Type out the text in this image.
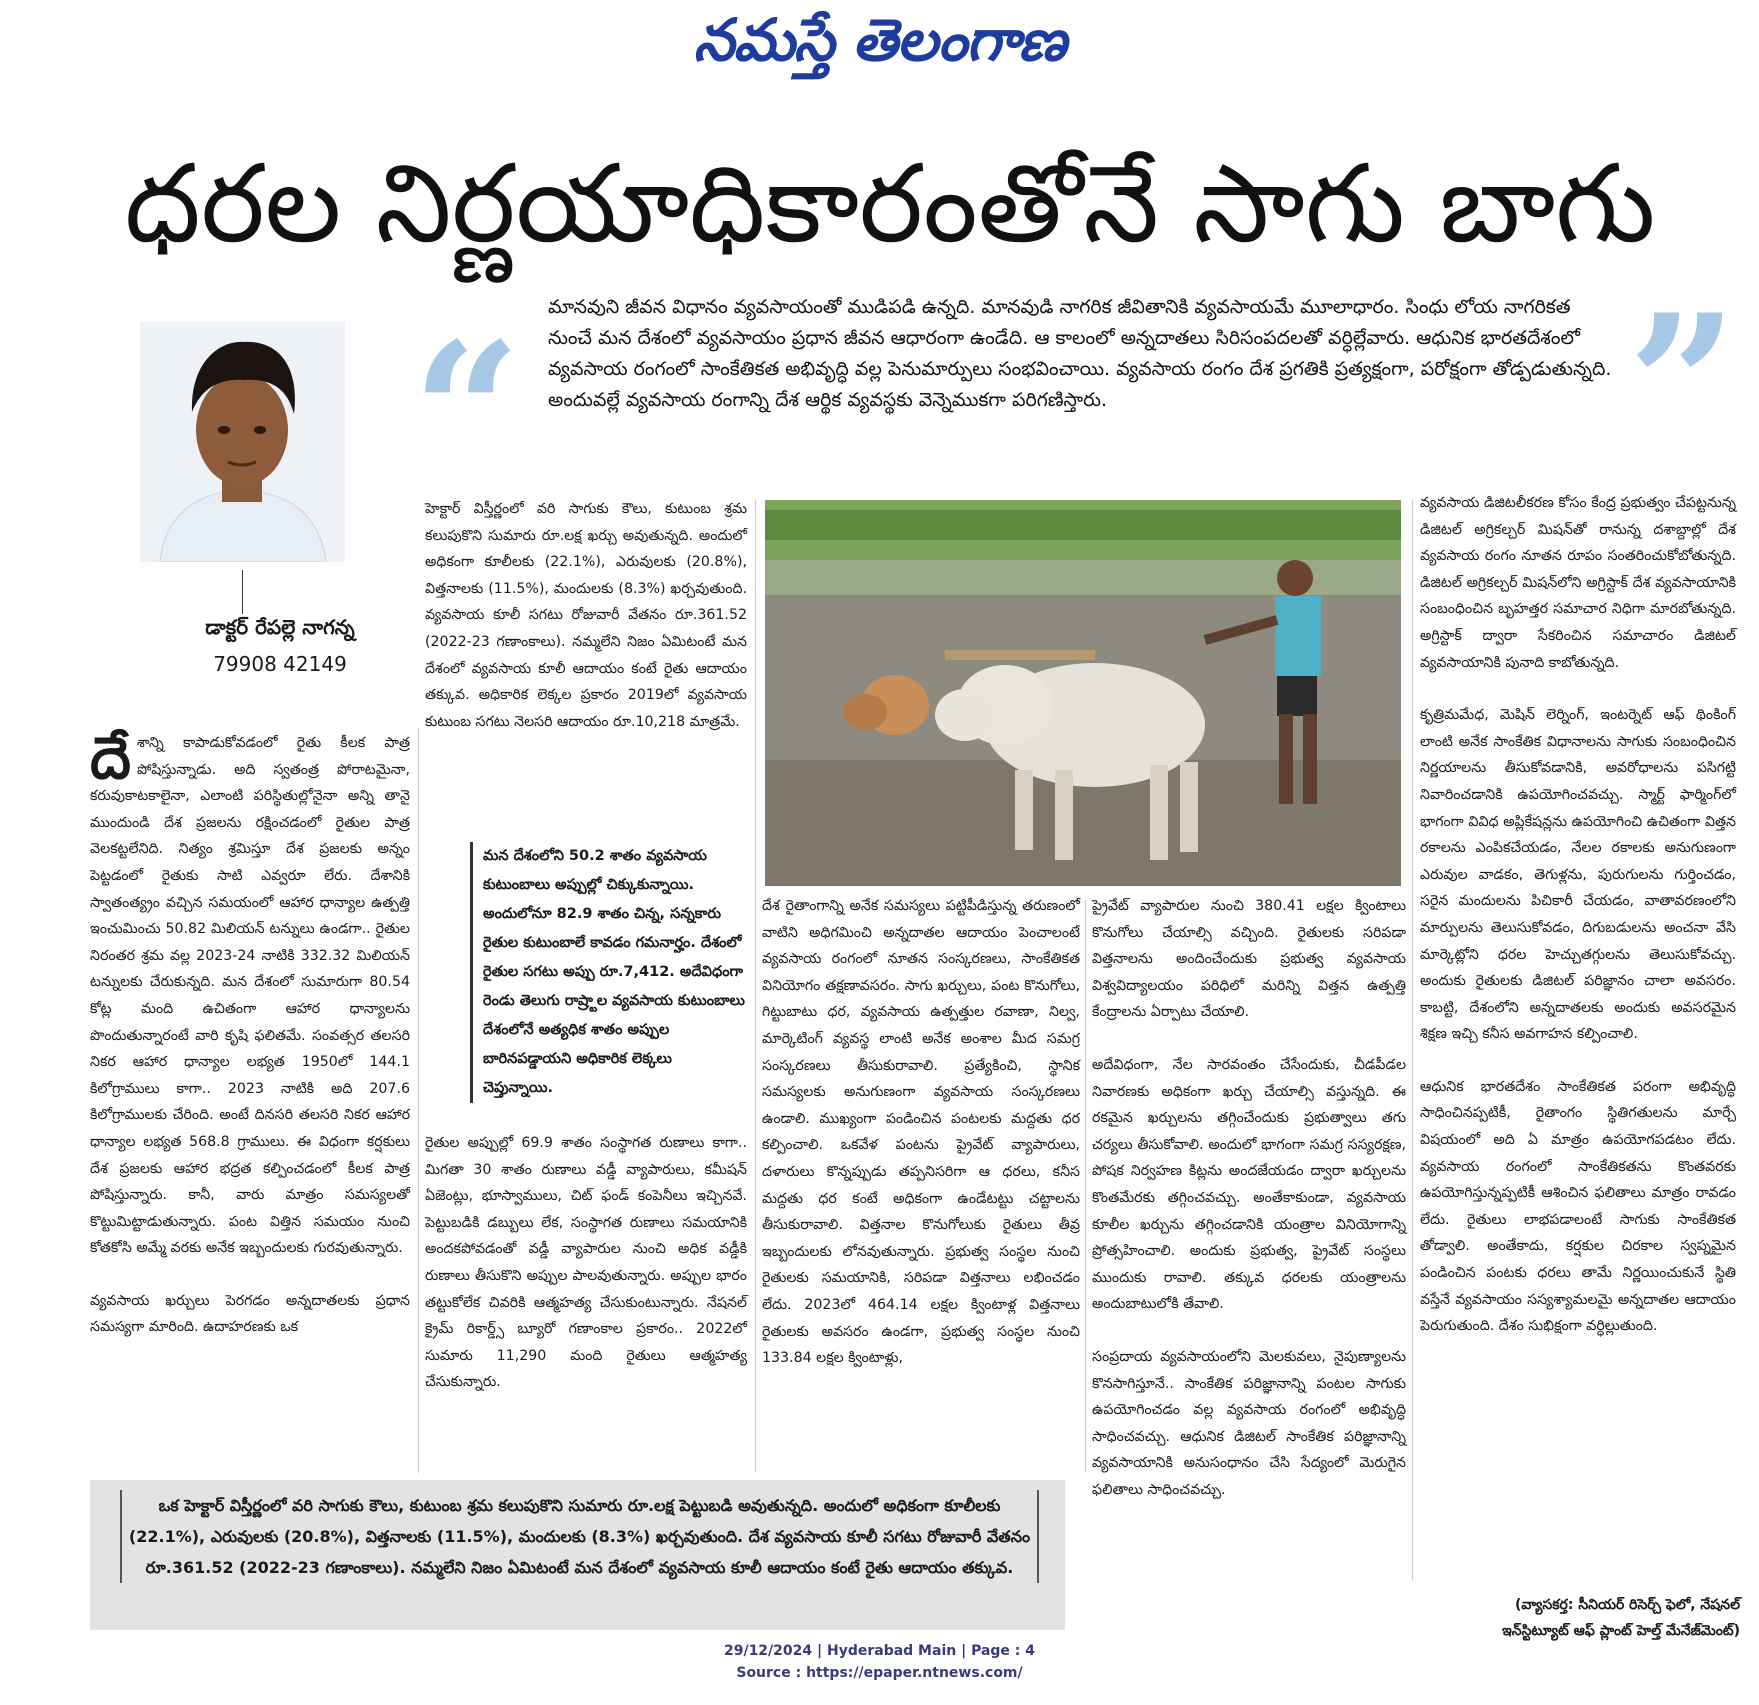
నమస్తే తెలంగాణ
ధరల నిర్ణయాధికారంతోనే సాగు బాగు
“	”
మానవుని జీవన విధానం వ్యవసాయంతో ముడిపడి ఉన్నది. మానవుడి నాగరిక జీవితానికి వ్యవసాయమే మూలాధారం. సింధు లోయ నాగరికత నుంచే మన దేశంలో వ్యవసాయం ప్రధాన జీవన ఆధారంగా ఉండేది. ఆ కాలంలో అన్నదాతలు సిరిసంపదలతో వర్ధిల్లేవారు. ఆధునిక భారతదేశంలో వ్యవసాయ రంగంలో సాంకేతికత అభివృద్ధి వల్ల పెనుమార్పులు సంభవించాయి. వ్యవసాయ రంగం దేశ ప్రగతికి ప్రత్యక్షంగా, పరోక్షంగా తోడ్పడుతున్నది. అందువల్లే వ్యవసాయ రంగాన్ని దేశ ఆర్థిక వ్యవస్థకు వెన్నెముకగా పరిగణిస్తారు.
డాక్టర్ రేపల్లె నాగన్న
79908 42149

దేశాన్ని కాపాడుకోవడంలో రైతు కీలక పాత్ర పోషిస్తున్నాడు. అది స్వతంత్ర పోరాటమైనా, కరువుకాటకాలైనా, ఎలాంటి పరిస్థితుల్లోనైనా అన్ని తానై ముందుండి దేశ ప్రజలను రక్షించడంలో రైతుల పాత్ర వెలకట్టలేనిది. నిత్యం శ్రమిస్తూ దేశ ప్రజలకు అన్నం పెట్టడంలో రైతుకు సాటి ఎవ్వరూ లేరు. దేశానికి స్వాతంత్య్రం వచ్చిన సమయంలో ఆహార ధాన్యాల ఉత్పత్తి ఇంచుమించు 50.82 మిలియన్ టన్నులు ఉండగా.. రైతుల నిరంతర శ్రమ వల్ల 2023-24 నాటికి 332.32 మిలియన్ టన్నులకు చేరుకున్నది. మన దేశంలో సుమారుగా 80.54 కోట్ల మంది ఉచితంగా ఆహార ధాన్యాలను పొందుతున్నారంటే వారి కృషి ఫలితమే. సంవత్సర తలసరి నికర ఆహార ధాన్యాల లభ్యత 1950లో 144.1 కిలోగ్రాములు కాగా.. 2023 నాటికి అది 207.6 కిలోగ్రాములకు చేరింది. అంటే దినసరి తలసరి నికర ఆహార ధాన్యాల లభ్యత 568.8 గ్రాములు. ఈ విధంగా కర్షకులు దేశ ప్రజలకు ఆహార భద్రత కల్పించడంలో కీలక పాత్ర పోషిస్తున్నారు. కానీ, వారు మాత్రం సమస్యలతో కొట్టుమిట్టాడుతున్నారు. పంట విత్తిన సమయం నుంచి కోతకోసి అమ్మే వరకు అనేక ఇబ్బందులకు గురవుతున్నారు.

వ్యవసాయ ఖర్చులు పెరగడం అన్నదాతలకు ప్రధాన సమస్యగా మారింది. ఉదాహరణకు ఒక

హెక్టార్ విస్తీర్ణంలో వరి సాగుకు కౌలు, కుటుంబ శ్రమ కలుపుకొని సుమారు రూ.లక్ష ఖర్చు అవుతున్నది. అందులో అధికంగా కూలీలకు (22.1%), ఎరువులకు (20.8%), విత్తనాలకు (11.5%), మందులకు (8.3%) ఖర్చవుతుంది. వ్యవసాయ కూలీ సగటు రోజువారీ వేతనం రూ.361.52 (2022-23 గణాంకాలు). నమ్మలేని నిజం ఏమిటంటే మన దేశంలో వ్యవసాయ కూలీ ఆదాయం కంటే రైతు ఆదాయం తక్కువ. అధికారిక లెక్కల ప్రకారం 2019లో వ్యవసాయ కుటుంబ సగటు నెలసరి ఆదాయం రూ.10,218 మాత్రమే.

మన దేశంలోని 50.2 శాతం వ్యవసాయ కుటుంబాలు అప్పుల్లో చిక్కుకున్నాయి. అందులోనూ 82.9 శాతం చిన్న, సన్నకారు రైతుల కుటుంబాలే కావడం గమనార్హం. దేశంలో రైతుల సగటు అప్పు రూ.7,412. అదేవిధంగా రెండు తెలుగు రాష్ర్టాల వ్యవసాయ కుటుంబాలు దేశంలోనే అత్యధిక శాతం అప్పుల బారినపడ్డాయని అధికారిక లెక్కలు చెప్తున్నాయి.

రైతుల అప్పుల్లో 69.9 శాతం సంస్థాగత రుణాలు కాగా.. మిగతా 30 శాతం రుణాలు వడ్డీ వ్యాపారులు, కమీషన్ ఏజెంట్లు, భూస్వాములు, చిట్ ఫండ్ కంపెనీలు ఇచ్చినవే. పెట్టుబడికి డబ్బులు లేక, సంస్థాగత రుణాలు సమయానికి అందకపోవడంతో వడ్డీ వ్యాపారుల నుంచి అధిక వడ్డీకి రుణాలు తీసుకొని అప్పుల పాలవుతున్నారు. అప్పుల భారం తట్టుకోలేక చివరికి ఆత్మహత్య చేసుకుంటున్నారు. నేషనల్ క్రైమ్ రికార్డ్స్ బ్యూరో గణాంకాల ప్రకారం.. 2022లో సుమారు 11,290 మంది రైతులు ఆత్మహత్య చేసుకున్నారు.

దేశ రైతాంగాన్ని అనేక సమస్యలు పట్టిపీడిస్తున్న తరుణంలో వాటిని అధిగమించి అన్నదాతల ఆదాయం పెంచాలంటే వ్యవసాయ రంగంలో నూతన సంస్కరణలు, సాంకేతికత వినియోగం తక్షణావసరం. సాగు ఖర్చులు, పంట కొనుగోలు, గిట్టుబాటు ధర, వ్యవసాయ ఉత్పత్తుల రవాణా, నిల్వ, మార్కెటింగ్ వ్యవస్థ లాంటి అనేక అంశాల మీద సమగ్ర సంస్కరణలు తీసుకురావాలి. ప్రత్యేకించి, స్థానిక సమస్యలకు అనుగుణంగా వ్యవసాయ సంస్కరణలు ఉండాలి. ముఖ్యంగా పండించిన పంటలకు మద్దతు ధర కల్పించాలి. ఒకవేళ పంటను ప్రైవేట్ వ్యాపారులు, దళారులు కొన్నప్పుడు తప్పనిసరిగా ఆ ధరలు, కనీస మద్దతు ధర కంటే అధికంగా ఉండేటట్టు చట్టాలను తీసుకురావాలి. విత్తనాల కొనుగోలుకు రైతులు తీవ్ర ఇబ్బందులకు లోనవుతున్నారు. ప్రభుత్వ సంస్థల నుంచి రైతులకు సమయానికి, సరిపడా విత్తనాలు లభించడం లేదు. 2023లో 464.14 లక్షల క్వింటాళ్ల విత్తనాలు రైతులకు అవసరం ఉండగా, ప్రభుత్వ సంస్థల నుంచి 133.84 లక్షల క్వింటాళ్లు,

ప్రైవేట్ వ్యాపారుల నుంచి 380.41 లక్షల క్వింటాలు కొనుగోలు చేయాల్సి వచ్చింది. రైతులకు సరిపడా విత్తనాలను అందించేందుకు ప్రభుత్వ వ్యవసాయ విశ్వవిద్యాలయం పరిధిలో మరిన్ని విత్తన ఉత్పత్తి కేంద్రాలను ఏర్పాటు చేయాలి.

అదేవిధంగా, నేల సారవంతం చేసేందుకు, చీడపీడల నివారణకు అధికంగా ఖర్చు చేయాల్సి వస్తున్నది. ఈ రకమైన ఖర్చులను తగ్గించేందుకు ప్రభుత్వాలు తగు చర్యలు తీసుకోవాలి. అందులో భాగంగా సమగ్ర సస్యరక్షణ, పోషక నిర్వహణ కిట్లను అందజేయడం ద్వారా ఖర్చులను కొంతమేరకు తగ్గించవచ్చు. అంతేకాకుండా, వ్యవసాయ కూలీల ఖర్చును తగ్గించడానికి యంత్రాల వినియోగాన్ని ప్రోత్సహించాలి. అందుకు ప్రభుత్వ, ప్రైవేట్ సంస్థలు ముందుకు రావాలి. తక్కువ ధరలకు యంత్రాలను అందుబాటులోకి తేవాలి.

సంప్రదాయ వ్యవసాయంలోని మెలకువలు, నైపుణ్యాలను కొనసాగిస్తూనే.. సాంకేతిక పరిజ్ఞానాన్ని పంటల సాగుకు ఉపయోగించడం వల్ల వ్యవసాయ రంగంలో అభివృద్ధి సాధించవచ్చు. ఆధునిక డిజిటల్ సాంకేతిక పరిజ్ఞానాన్ని వ్యవసాయానికి అనుసంధానం చేసి సేద్యంలో మెరుగైన ఫలితాలు సాధించవచ్చు.

వ్యవసాయ డిజిటలీకరణ కోసం కేంద్ర ప్రభుత్వం చేపట్టనున్న డిజిటల్ అగ్రికల్చర్ మిషన్‌తో రానున్న దశాబ్దాల్లో దేశ వ్యవసాయ రంగం నూతన రూపం సంతరించుకోబోతున్నది. డిజిటల్ అగ్రికల్చర్ మిషన్‌లోని అగ్రిస్టాక్ దేశ వ్యవసాయానికి సంబంధించిన బృహత్తర సమాచార నిధిగా మారబోతున్నది. అగ్రిస్టాక్ ద్వారా సేకరించిన సమాచారం డిజిటల్ వ్యవసాయానికి పునాది కాబోతున్నది.

కృత్రిమమేధ, మెషిన్ లెర్నింగ్, ఇంటర్నెట్ ఆఫ్ థింకింగ్ లాంటి అనేక సాంకేతిక విధానాలను సాగుకు సంబంధించిన నిర్ణయాలను తీసుకోవడానికి, అవరోధాలను పసిగట్టి నివారించడానికి ఉపయోగించవచ్చు. స్మార్ట్ ఫార్మింగ్‌లో భాగంగా వివిధ అప్లికేషన్లను ఉపయోగించి ఉచితంగా విత్తన రకాలను ఎంపికచేయడం, నేలల రకాలకు అనుగుణంగా ఎరువుల వాడకం, తెగుళ్లను, పురుగులను గుర్తించడం, సరైన మందులను పిచికారీ చేయడం, వాతావరణంలోని మార్పులను తెలుసుకోవడం, దిగుబడులను అంచనా వేసి మార్కెట్లోని ధరల హెచ్చుతగ్గులను తెలుసుకోవచ్చు. అందుకు రైతులకు డిజిటల్ పరిజ్ఞానం చాలా అవసరం. కాబట్టి, దేశంలోని అన్నదాతలకు అందుకు అవసరమైన శిక్షణ ఇచ్చి కనీస అవగాహన కల్పించాలి.

ఆధునిక భారతదేశం సాంకేతికత పరంగా అభివృద్ధి సాధించినప్పటికీ, రైతాంగం స్థితిగతులను మార్చే విషయంలో అది ఏ మాత్రం ఉపయోగపడటం లేదు. వ్యవసాయ రంగంలో సాంకేతికతను కొంతవరకు ఉపయోగిస్తున్నప్పటికీ ఆశించిన ఫలితాలు మాత్రం రావడం లేదు. రైతులు లాభపడాలంటే సాగుకు సాంకేతికత తోడ్వాలి. అంతేకాదు, కర్షకుల చిరకాల స్వప్నమైన పండించిన పంటకు ధరలు తామే నిర్ణయించుకునే స్థితి వస్తేనే వ్యవసాయం సస్యశ్యామలమై అన్నదాతల ఆదాయం పెరుగుతుంది. దేశం సుభిక్షంగా వర్ధిల్లుతుంది.

ఒక హెక్టార్ విస్తీర్ణంలో వరి సాగుకు కౌలు, కుటుంబ శ్రమ కలుపుకొని సుమారు రూ.లక్ష పెట్టుబడి అవుతున్నది. అందులో అధికంగా కూలీలకు (22.1%), ఎరువులకు (20.8%), విత్తనాలకు (11.5%), మందులకు (8.3%) ఖర్చవుతుంది. దేశ వ్యవసాయ కూలీ సగటు రోజువారీ వేతనం రూ.361.52 (2022-23 గణాంకాలు). నమ్మలేని నిజం ఏమిటంటే మన దేశంలో వ్యవసాయ కూలీ ఆదాయం కంటే రైతు ఆదాయం తక్కువ.
(వ్యాసకర్త: సీనియర్ రిసెర్చ్ ఫెలో, నేషనల్
ఇన్‌స్టిట్యూట్ ఆఫ్ ప్లాంట్ హెల్త్ మేనేజ్‌మెంట్)
29/12/2024 | Hyderabad Main | Page : 4
Source : https://epaper.ntnews.com/
